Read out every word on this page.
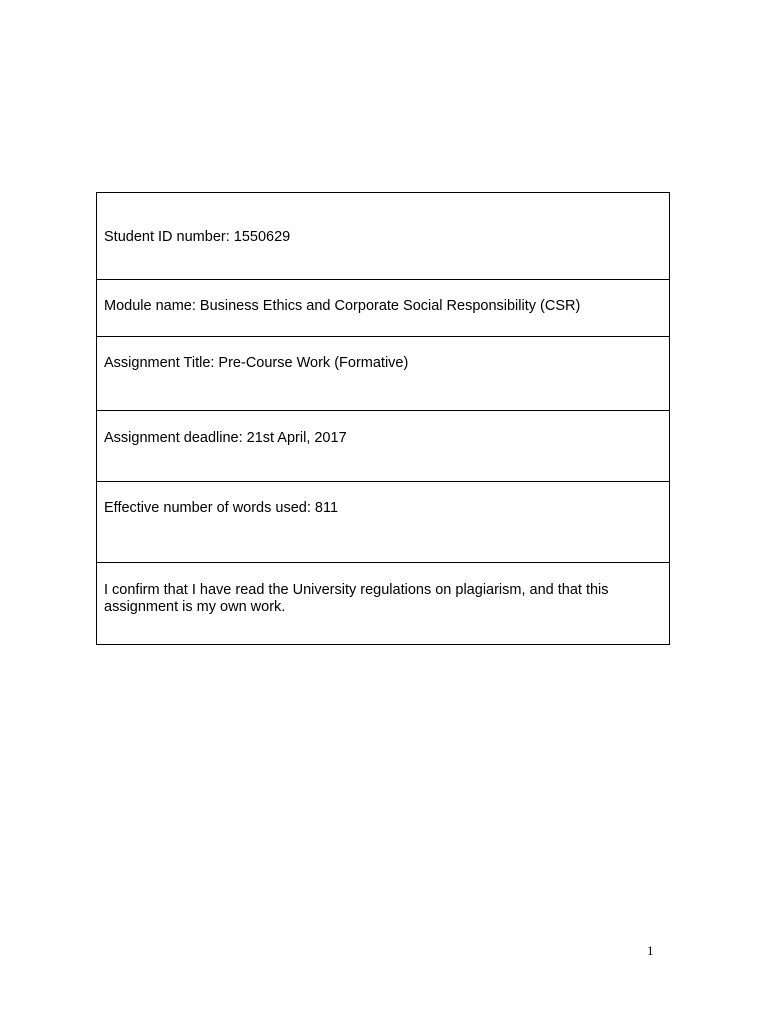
Student ID number: 1550629
Module name: Business Ethics and Corporate Social Responsibility (CSR)
Assignment Title: Pre-Course Work (Formative)
Assignment deadline: 21st April, 2017
Effective number of words used: 811
I confirm that I have read the University regulations on plagiarism, and that this assignment is my own work.
1
